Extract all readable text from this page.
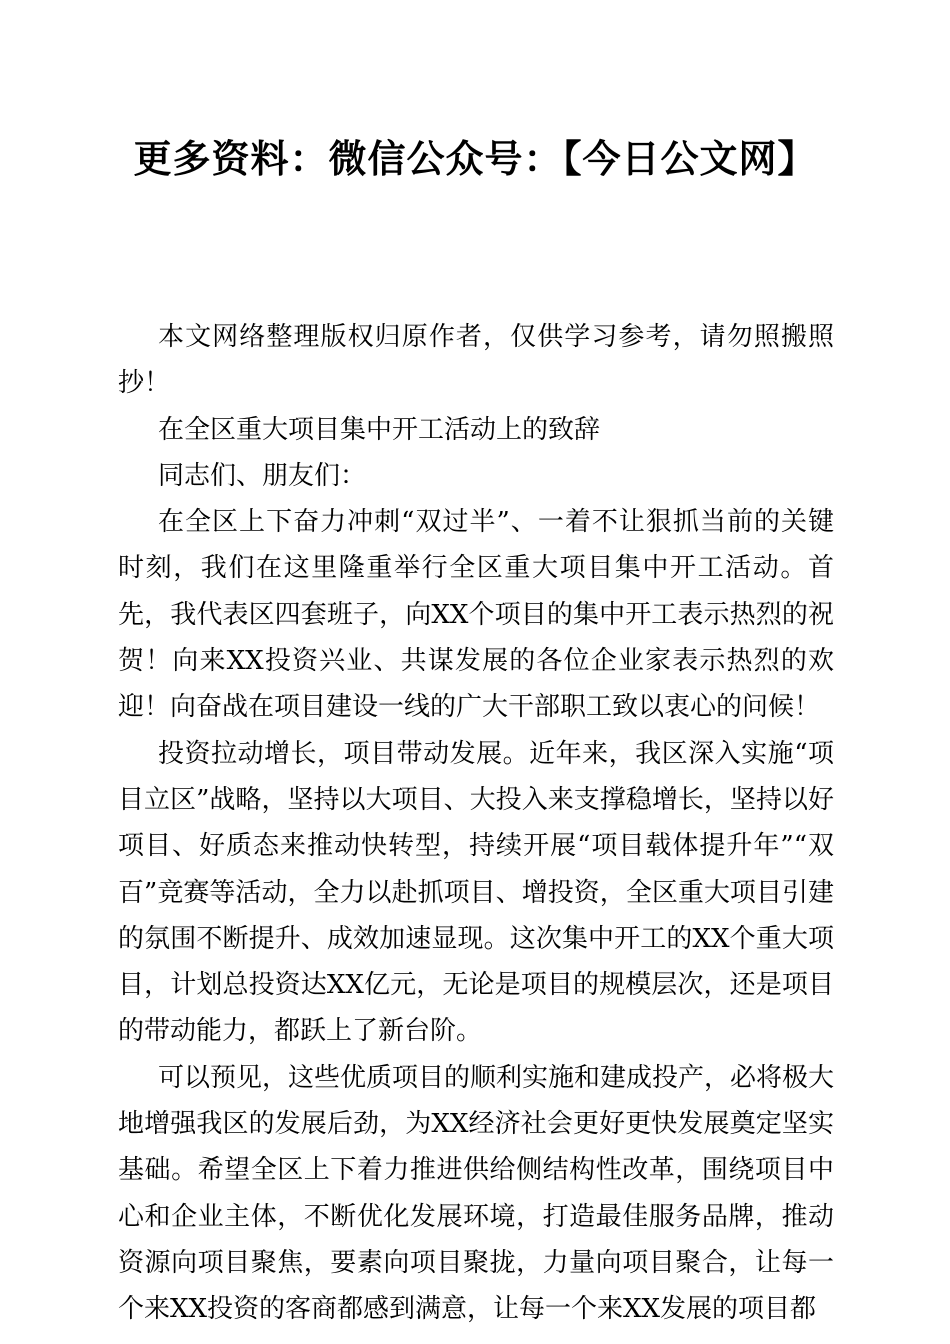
更多资料：微信公众号：【今日公文网】

本文网络整理版权归原作者，仅供学习参考，请勿照搬照抄！

在全区重大项目集中开工活动上的致辞

同志们、朋友们：

在全区上下奋力冲刺“双过半”、一着不让狠抓当前的关键时刻，我们在这里隆重举行全区重大项目集中开工活动。首先，我代表区四套班子，向XX个项目的集中开工表示热烈的祝贺！向来XX投资兴业、共谋发展的各位企业家表示热烈的欢迎！向奋战在项目建设一线的广大干部职工致以衷心的问候！

投资拉动增长，项目带动发展。近年来，我区深入实施“项目立区”战略，坚持以大项目、大投入来支撑稳增长，坚持以好项目、好质态来推动快转型，持续开展“项目载体提升年”“双百”竞赛等活动，全力以赴抓项目、增投资，全区重大项目引建的氛围不断提升、成效加速显现。这次集中开工的XX个重大项目，计划总投资达XX亿元，无论是项目的规模层次，还是项目的带动能力，都跃上了新台阶。

可以预见，这些优质项目的顺利实施和建成投产，必将极大地增强我区的发展后劲，为XX经济社会更好更快发展奠定坚实基础。希望全区上下着力推进供给侧结构性改革，围绕项目中心和企业主体，不断优化发展环境，打造最佳服务品牌，推动资源向项目聚焦，要素向项目聚拢，力量向项目聚合，让每一个来XX投资的客商都感到满意，让每一个来XX发展的项目都
